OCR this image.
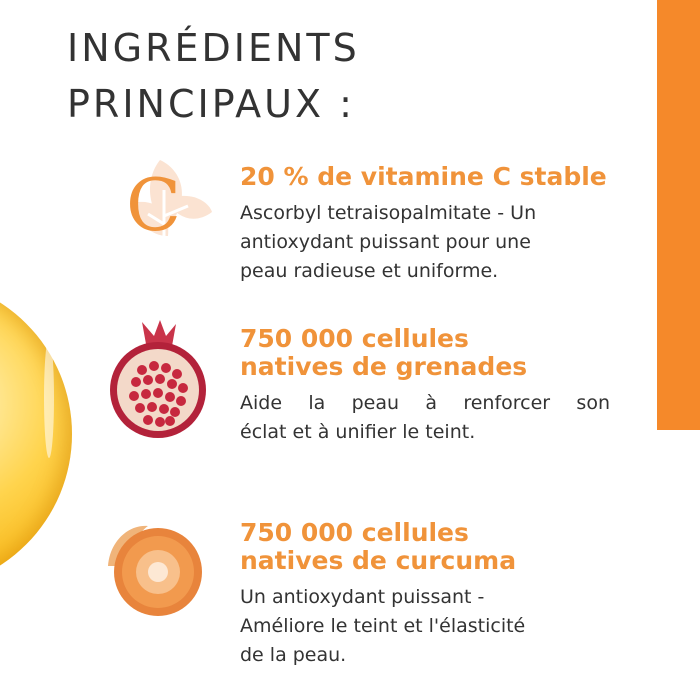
INGRÉDIENTS
PRINCIPAUX :
C 20 % de vitamine C stable

Ascorbyl tetraisopalmitate - Un
antioxydant puissant pour une
peau radieuse et uniforme.

750 000 cellules
natives de grenades

Aide la peau à renforcer son
éclat et à unifier le teint.

750 000 cellules
natives de curcuma

Un antioxydant puissant -
Améliore le teint et l'élasticité
de la peau.
